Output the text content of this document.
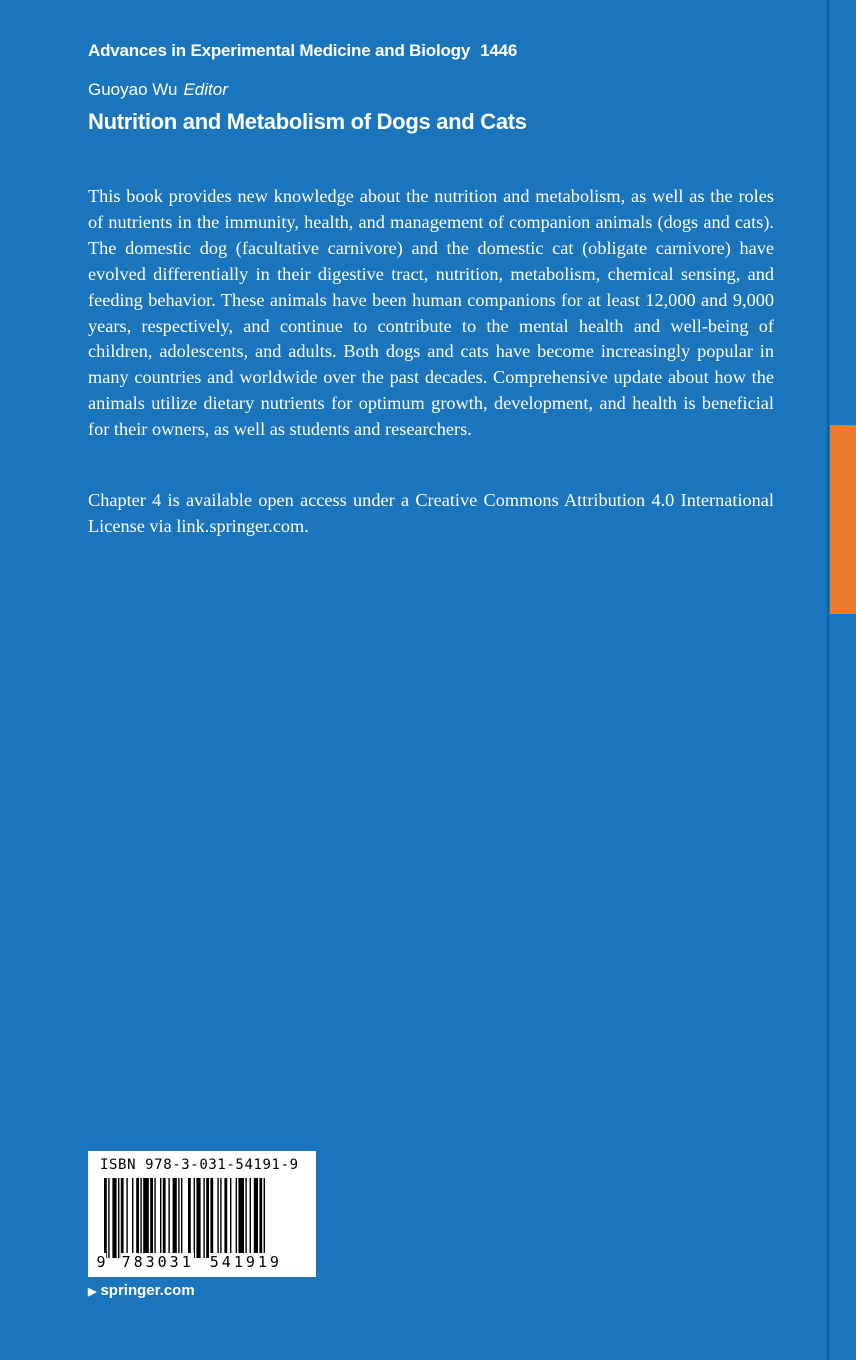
Advances in Experimental Medicine and Biology 1446
Guoyao Wu Editor
Nutrition and Metabolism of Dogs and Cats

This book provides new knowledge about the nutrition and metabolism, as well as the roles of nutrients in the immunity, health, and management of companion animals (dogs and cats). The domestic dog (facultative carnivore) and the domestic cat (obligate carnivore) have evolved differentially in their digestive tract, nutrition, metabolism, chemical sensing, and feeding behavior. These animals have been human companions for at least 12,000 and 9,000 years, respectively, and continue to contribute to the mental health and well-being of children, adolescents, and adults. Both dogs and cats have become increasingly popular in many countries and worldwide over the past decades. Comprehensive update about how the animals utilize dietary nutrients for optimum growth, development, and health is beneficial for their owners, as well as students and researchers.

Chapter 4 is available open access under a Creative Commons Attribution 4.0 International License via link.springer.com.

ISBN 978-3-031-54191-9
9 783031 541919
▶ springer.com
